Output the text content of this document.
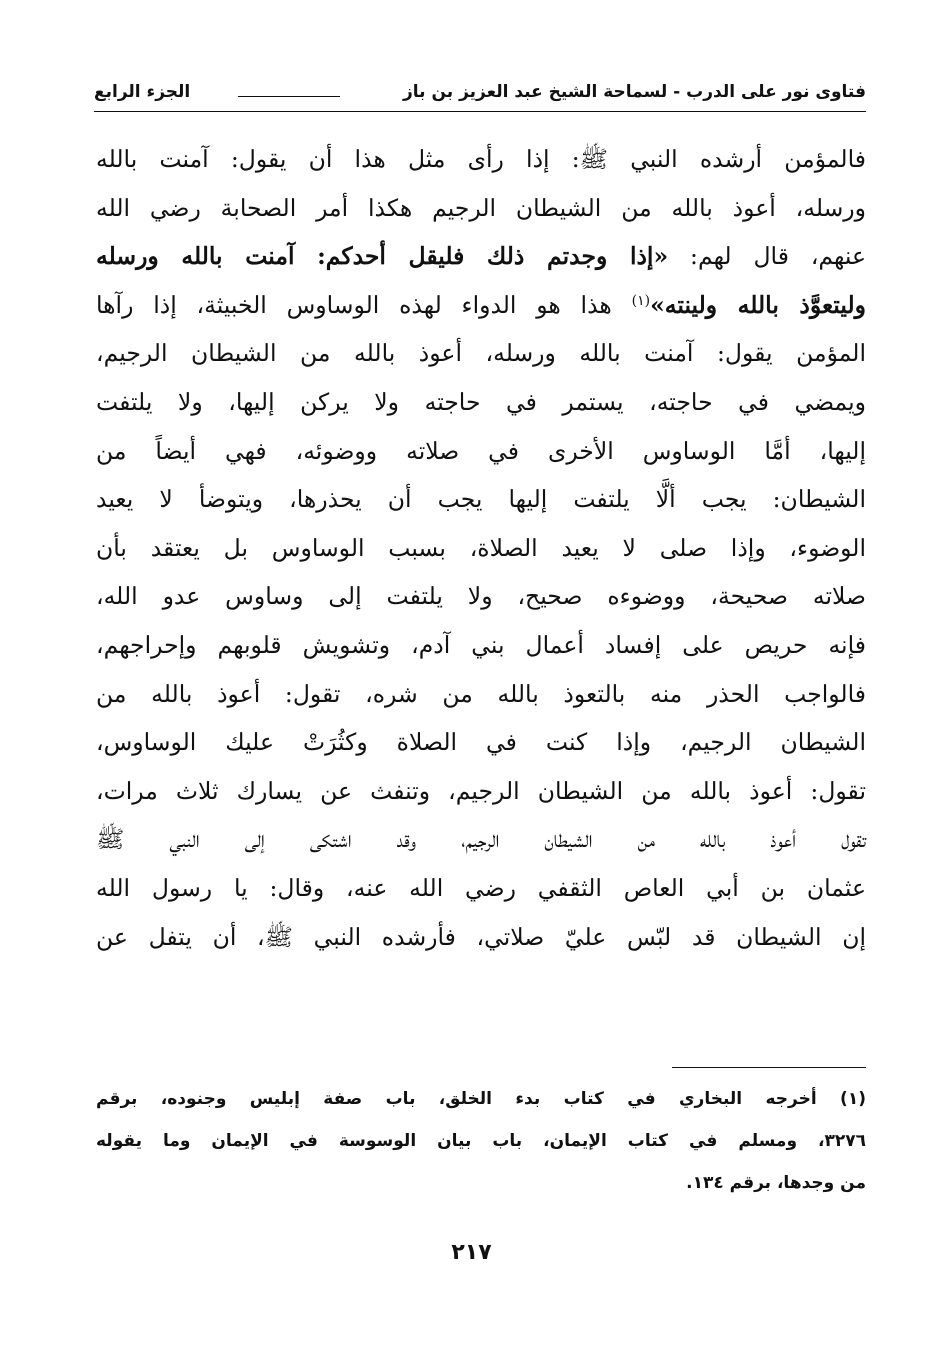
فتاوى نور على الدرب - لسماحة الشيخ عبد العزيز بن باز
الجزء الرابع
فالمؤمن أرشده النبي ﷺ: إذا رأى مثل هذا أن يقول: آمنت بالله
ورسله، أعوذ بالله من الشيطان الرجيم هكذا أمر الصحابة رضي الله
عنهم، قال لهم: «إذا وجدتم ذلك فليقل أحدكم: آمنت بالله ورسله
وليتعوَّذ بالله ولينته»$^{(١)}$ هذا هو الدواء لهذه الوساوس الخبيثة، إذا رآها
المؤمن يقول: آمنت بالله ورسله، أعوذ بالله من الشيطان الرجيم،
ويمضي في حاجته، يستمر في حاجته ولا يركن إليها، ولا يلتفت
إليها، أمَّا الوساوس الأخرى في صلاته ووضوئه، فهي أيضاً من
الشيطان: يجب ألَّا يلتفت إليها يجب أن يحذرها، ويتوضأ لا يعيد
الوضوء، وإذا صلى لا يعيد الصلاة، بسبب الوساوس بل يعتقد بأن
صلاته صحيحة، ووضوءه صحيح، ولا يلتفت إلى وساوس عدو الله،
فإنه حريص على إفساد أعمال بني آدم، وتشويش قلوبهم وإحراجهم،
فالواجب الحذر منه بالتعوذ بالله من شره، تقول: أعوذ بالله من
الشيطان الرجيم، وإذا كنت في الصلاة وكثُرَتْ عليك الوساوس،
تقول: أعوذ بالله من الشيطان الرجيم، وتنفث عن يسارك ثلاث مرات،
تقول أعوذ بالله من الشيطان الرجيم، وقد اشتكى إلى النبي ﷺ
عثمان بن أبي العاص الثقفي رضي الله عنه، وقال: يا رسول الله
إن الشيطان قد لبّس عليّ صلاتي، فأرشده النبي ﷺ، أن يتفل عن
(١) أخرجه البخاري في كتاب بدء الخلق، باب صفة إبليس وجنوده، برقم
٣٢٧٦، ومسلم في كتاب الإيمان، باب بيان الوسوسة في الإيمان وما يقوله
من وجدها، برقم ١٣٤.
٢١٧
